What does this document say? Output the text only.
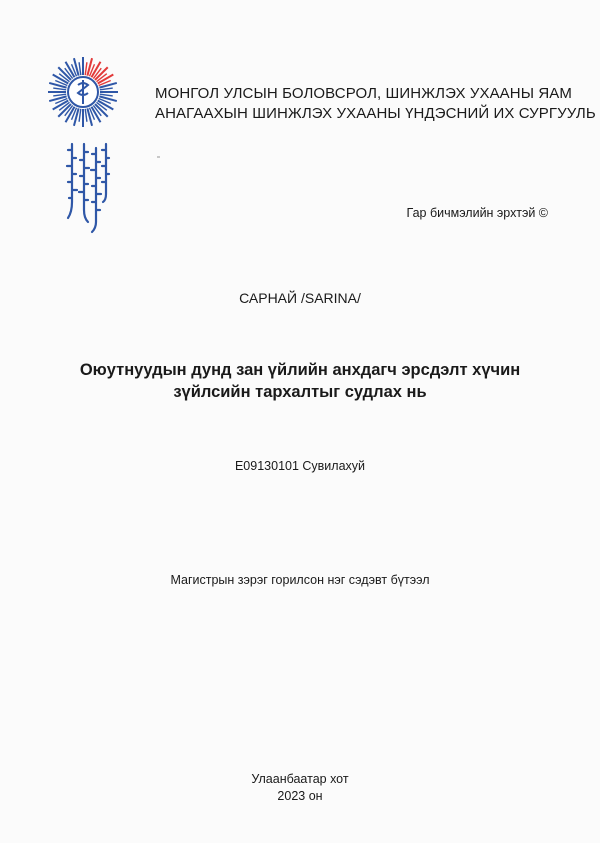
МОНГОЛ УЛСЫН БОЛОВСРОЛ, ШИНЖЛЭХ УХААНЫ ЯАМ
АНАГААХЫН ШИНЖЛЭХ УХААНЫ ҮНДЭСНИЙ ИХ СУРГУУЛЬ
Гар бичмэлийн эрхтэй ©
САРНАЙ /SARINA/
Оюутнуудын дунд зан үйлийн анхдагч эрсдэлт хүчин
зүйлсийн тархалтыг судлах нь
E09130101 Сувилахуй
Магистрын зэрэг горилсон нэг сэдэвт бүтээл
Улаанбаатар хот
2023 он
